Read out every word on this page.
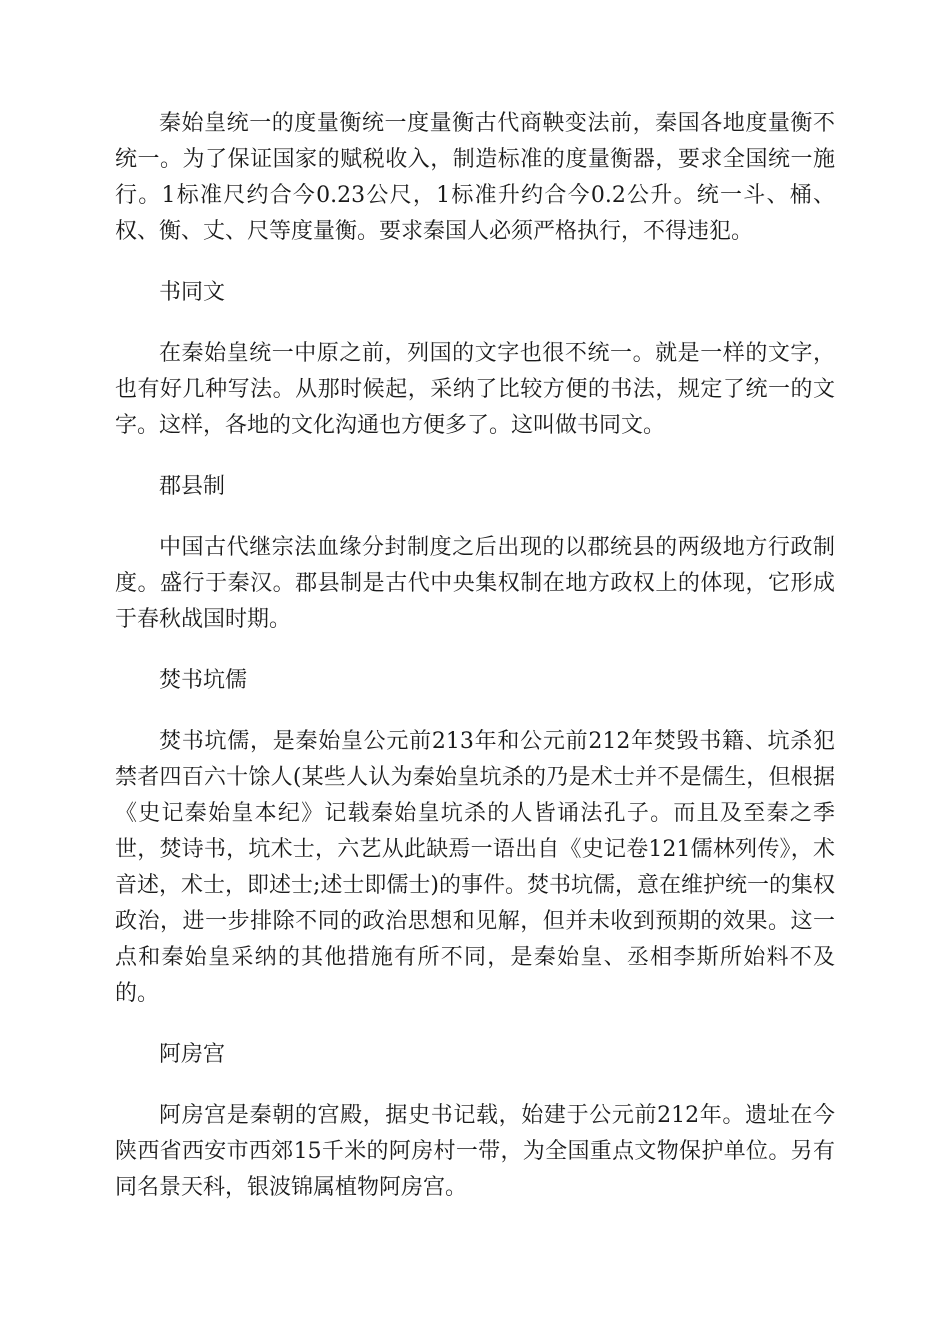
秦始皇统一的度量衡统一度量衡古代商鞅变法前，秦国各地度量衡不统一。为了保证国家的赋税收入，制造标准的度量衡器，要求全国统一施行。1标准尺约合今0.23公尺，1标准升约合今0.2公升。统一斗、桶、权、衡、丈、尺等度量衡。要求秦国人必须严格执行，不得违犯。

书同文

在秦始皇统一中原之前，列国的文字也很不统一。就是一样的文字，也有好几种写法。从那时候起，采纳了比较方便的书法，规定了统一的文字。这样，各地的文化沟通也方便多了。这叫做书同文。

郡县制

中国古代继宗法血缘分封制度之后出现的以郡统县的两级地方行政制度。盛行于秦汉。郡县制是古代中央集权制在地方政权上的体现，它形成于春秋战国时期。

焚书坑儒

焚书坑儒，是秦始皇公元前213年和公元前212年焚毁书籍、坑杀犯禁者四百六十馀人(某些人认为秦始皇坑杀的乃是术士并不是儒生，但根据《史记秦始皇本纪》记载秦始皇坑杀的人皆诵法孔子。而且及至秦之季世，焚诗书，坑术士，六艺从此缺焉一语出自《史记卷121儒林列传》，术音述，术士，即述士;述士即儒士)的事件。焚书坑儒，意在维护统一的集权政治，进一步排除不同的政治思想和见解，但并未收到预期的效果。这一点和秦始皇采纳的其他措施有所不同，是秦始皇、丞相李斯所始料不及的。

阿房宫

阿房宫是秦朝的宫殿，据史书记载，始建于公元前212年。遗址在今陕西省西安市西郊15千米的阿房村一带，为全国重点文物保护单位。另有同名景天科，银波锦属植物阿房宫。
